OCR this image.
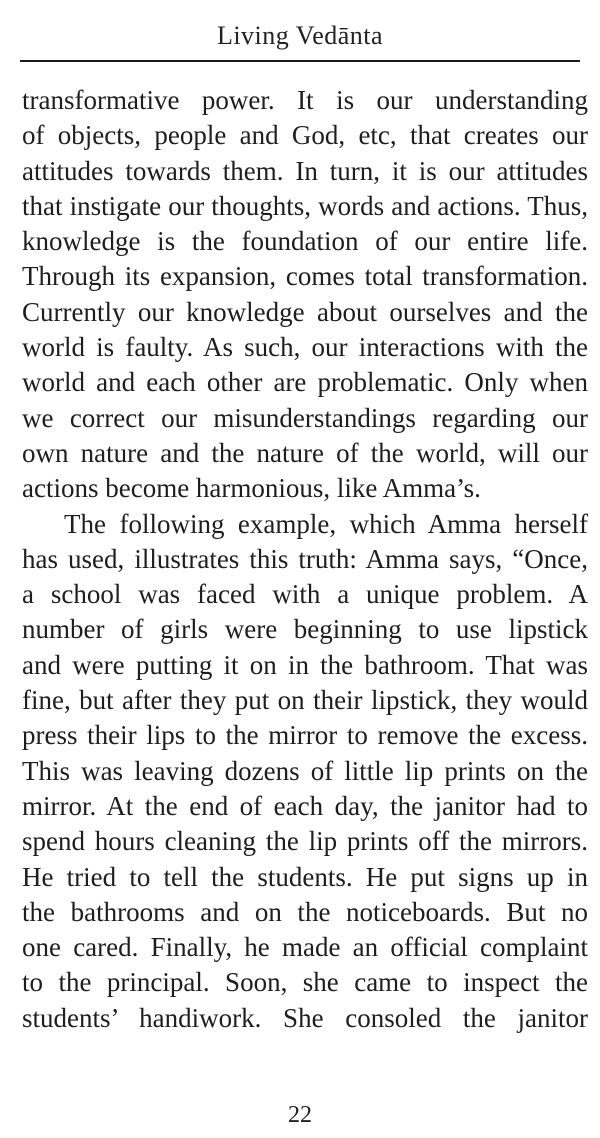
Living Vedānta
transformative power. It is our understanding
of objects, people and God, etc, that creates our
attitudes towards them. In turn, it is our attitudes
that instigate our thoughts, words and actions. Thus,
knowledge is the foundation of our entire life.
Through its expansion, comes total transformation.
Currently our knowledge about ourselves and the
world is faulty. As such, our interactions with the
world and each other are problematic. Only when
we correct our misunderstandings regarding our
own nature and the nature of the world, will our
actions become harmonious, like Amma’s.
The following example, which Amma herself
has used, illustrates this truth: Amma says, “Once,
a school was faced with a unique problem. A
number of girls were beginning to use lipstick
and were putting it on in the bathroom. That was
fine, but after they put on their lipstick, they would
press their lips to the mirror to remove the excess.
This was leaving dozens of little lip prints on the
mirror. At the end of each day, the janitor had to
spend hours cleaning the lip prints off the mirrors.
He tried to tell the students. He put signs up in
the bathrooms and on the noticeboards. But no
one cared. Finally, he made an official complaint
to the principal. Soon, she came to inspect the
students’ handiwork. She consoled the janitor
22
